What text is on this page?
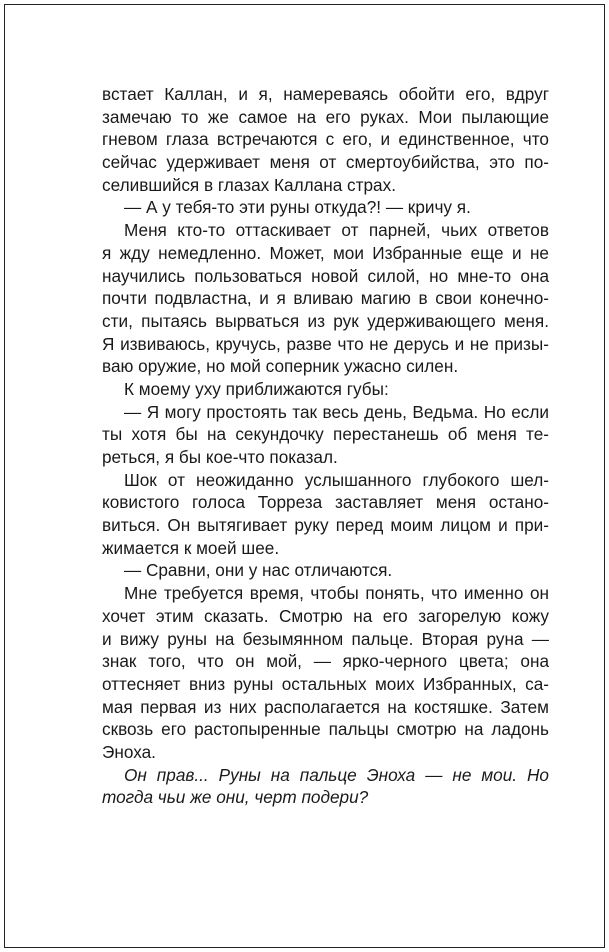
встает Каллан, и я, намереваясь обойти его, вдруг
замечаю то же самое на его руках. Мои пылающие
гневом глаза встречаются с его, и единственное, что
сейчас удерживает меня от смертоубийства, это по-
селившийся в глазах Каллана страх.
— А у тебя-то эти руны откуда?! — кричу я.
Меня кто-то оттаскивает от парней, чьих ответов
я жду немедленно. Может, мои Избранные еще и не
научились пользоваться новой силой, но мне-то она
почти подвластна, и я вливаю магию в свои конечно-
сти, пытаясь вырваться из рук удерживающего меня.
Я извиваюсь, кручусь, разве что не дерусь и не призы-
ваю оружие, но мой соперник ужасно силен.
К моему уху приближаются губы:
— Я могу простоять так весь день, Ведьма. Но если
ты хотя бы на секундочку перестанешь об меня те-
реться, я бы кое-что показал.
Шок от неожиданно услышанного глубокого шел-
ковистого голоса Торреза заставляет меня остано-
виться. Он вытягивает руку перед моим лицом и при-
жимается к моей шее.
— Сравни, они у нас отличаются.
Мне требуется время, чтобы понять, что именно он
хочет этим сказать. Смотрю на его загорелую кожу
и вижу руны на безымянном пальце. Вторая руна —
знак того, что он мой, — ярко-черного цвета; она
оттесняет вниз руны остальных моих Избранных, са-
мая первая из них располагается на костяшке. Затем
сквозь его растопыренные пальцы смотрю на ладонь
Эноха.
Он прав... Руны на пальце Эноха — не мои. Но
тогда чьи же они, черт подери?
